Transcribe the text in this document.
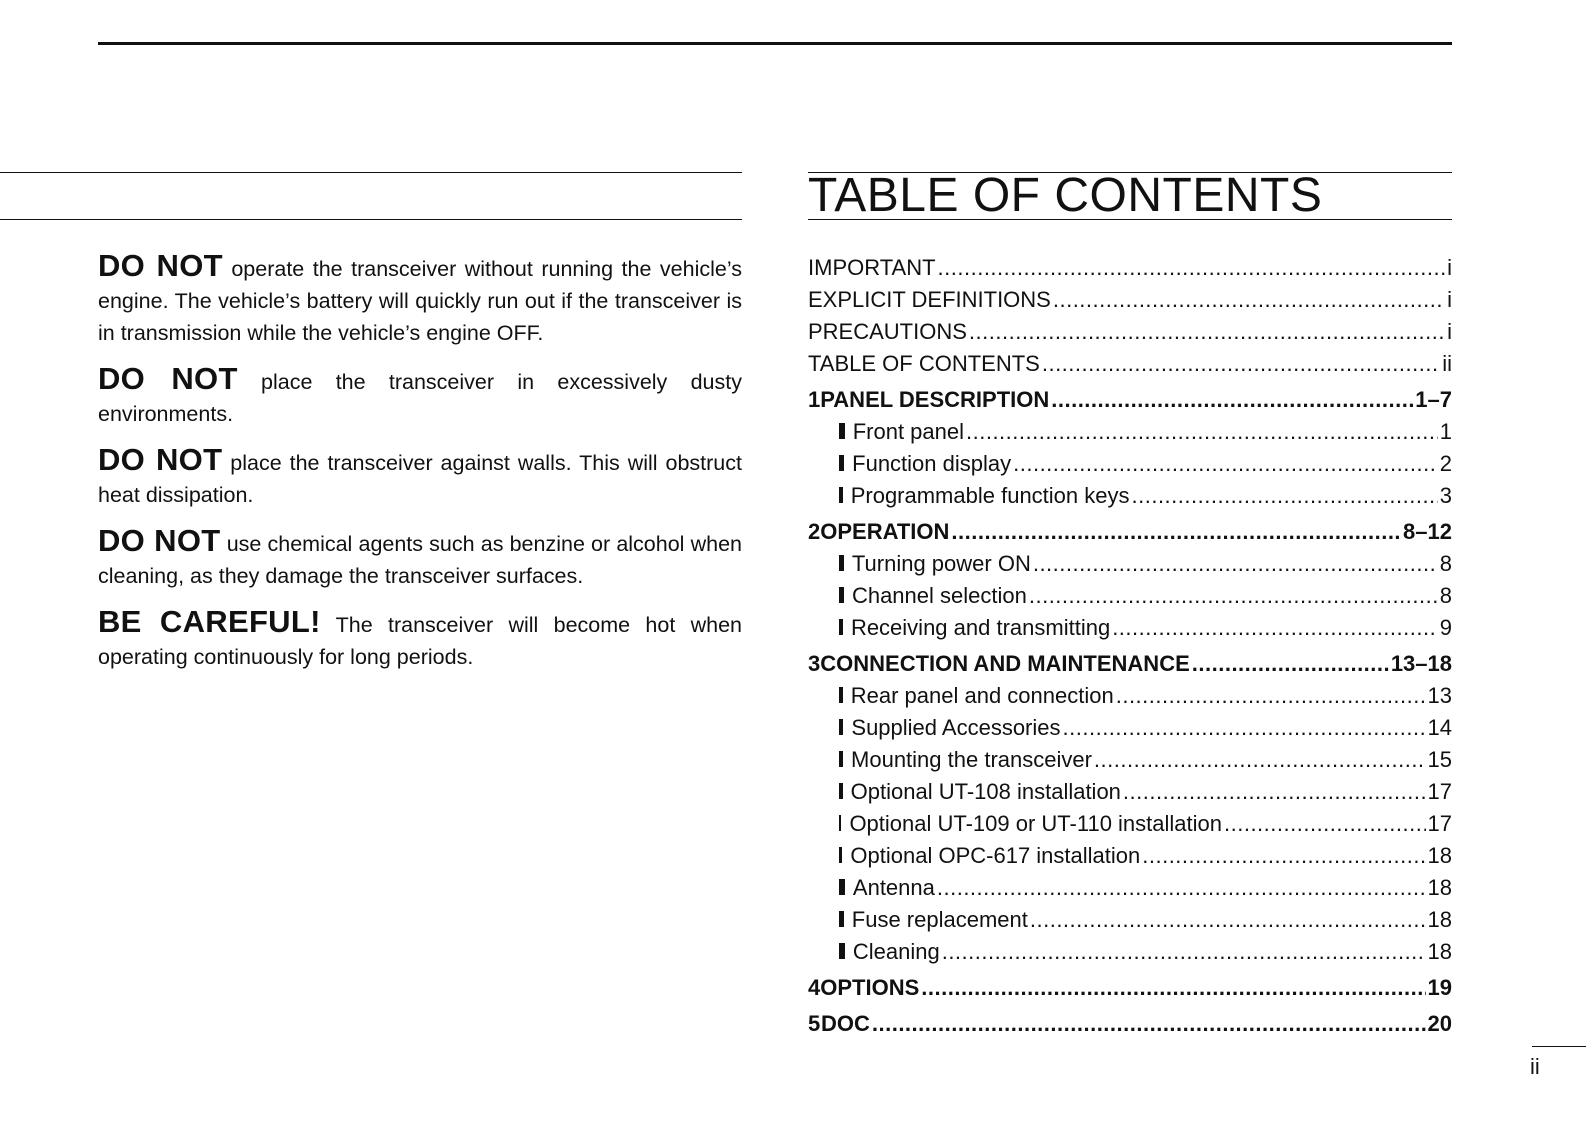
TABLE OF CONTENTS

DO NOT operate the transceiver without running the vehicle’s engine. The vehicle’s battery will quickly run out if the transceiver is in transmission while the vehicle’s engine OFF.

DO NOT place the transceiver in excessively dusty environments.

DO NOT place the transceiver against walls. This will obstruct heat dissipation.

DO NOT use chemical agents such as benzine or alcohol when cleaning, as they damage the transceiver surfaces.

BE CAREFUL! The transceiver will become hot when operating continuously for long periods.

IMPORTANT .....	i
EXPLICIT DEFINITIONS .....	i
PRECAUTIONS .....	i
TABLE OF CONTENTS .....	ii
1 PANEL DESCRIPTION .....	1–7
Front panel .....	1
Function display .....	2
Programmable function keys .....	3
2 OPERATION .....	8–12
Turning power ON .....	8
Channel selection .....	8
Receiving and transmitting .....	9
3 CONNECTION AND MAINTENANCE .....	13–18
Rear panel and connection .....	13
Supplied Accessories .....	14
Mounting the transceiver .....	15
Optional UT-108 installation .....	17
Optional UT-109 or UT-110 installation .....	17
Optional OPC-617 installation .....	18
Antenna .....	18
Fuse replacement .....	18
Cleaning .....	18
4 OPTIONS .....	19
5 DOC .....	20
ii
